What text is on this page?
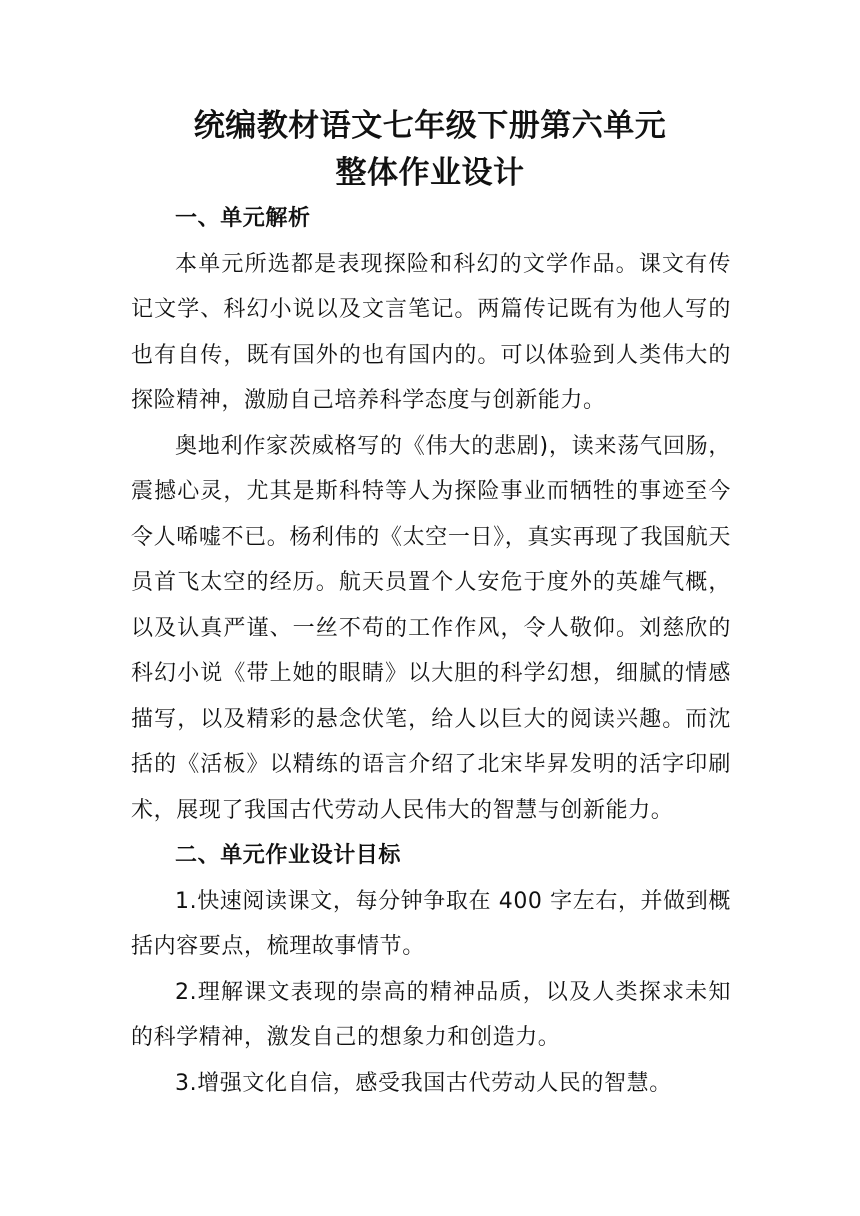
统编教材语文七年级下册第六单元
整体作业设计

一、单元解析

本单元所选都是表现探险和科幻的文学作品。课文有传记文学、科幻小说以及文言笔记。两篇传记既有为他人写的也有自传，既有国外的也有国内的。可以体验到人类伟大的探险精神，激励自己培养科学态度与创新能力。

奥地利作家茨威格写的《伟大的悲剧)，读来荡气回肠，震撼心灵，尤其是斯科特等人为探险事业而牺牲的事迹至今令人唏嘘不已。杨利伟的《太空一日》，真实再现了我国航天员首飞太空的经历。航天员置个人安危于度外的英雄气概，以及认真严谨、一丝不苟的工作作风，令人敬仰。刘慈欣的科幻小说《带上她的眼睛》以大胆的科学幻想，细腻的情感描写，以及精彩的悬念伏笔，给人以巨大的阅读兴趣。而沈括的《活板》以精练的语言介绍了北宋毕昇发明的活字印刷术，展现了我国古代劳动人民伟大的智慧与创新能力。

二、单元作业设计目标

1.快速阅读课文，每分钟争取在 400 字左右，并做到概括内容要点，梳理故事情节。

2.理解课文表现的崇高的精神品质，以及人类探求未知的科学精神，激发自己的想象力和创造力。

3.增强文化自信，感受我国古代劳动人民的智慧。
